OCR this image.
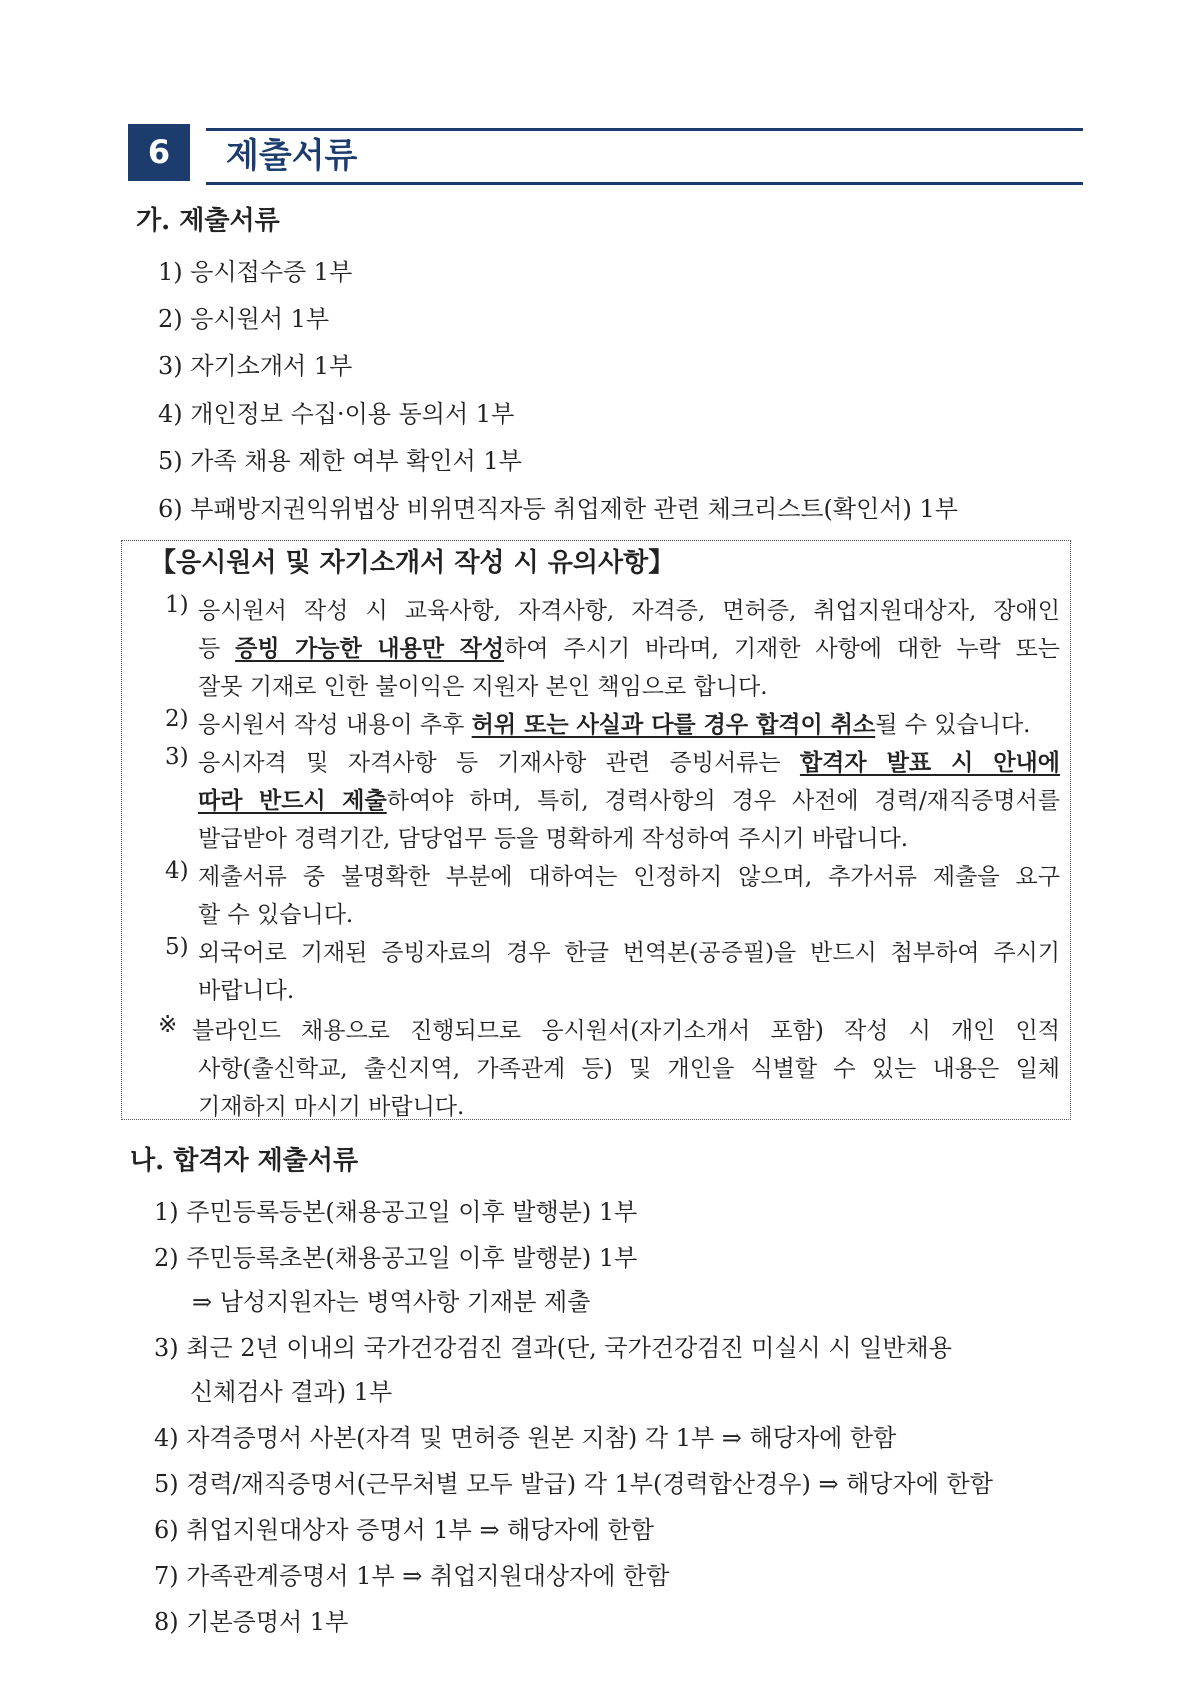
6	제출서류
가. 제출서류
1) 응시접수증 1부
2) 응시원서 1부
3) 자기소개서 1부
4) 개인정보 수집·이용 동의서 1부
5) 가족 채용 제한 여부 확인서 1부
6) 부패방지권익위법상 비위면직자등 취업제한 관련 체크리스트(확인서) 1부
【응시원서 및 자기소개서 작성 시 유의사항】
1) 응시원서 작성 시 교육사항, 자격사항, 자격증, 면허증, 취업지원대상자, 장애인
등 증빙 가능한 내용만 작성하여 주시기 바라며, 기재한 사항에 대한 누락 또는
잘못 기재로 인한 불이익은 지원자 본인 책임으로 합니다.
2) 응시원서 작성 내용이 추후 허위 또는 사실과 다를 경우 합격이 취소될 수 있습니다.
3) 응시자격 및 자격사항 등 기재사항 관련 증빙서류는 합격자 발표 시 안내에
따라 반드시 제출하여야 하며, 특히, 경력사항의 경우 사전에 경력/재직증명서를
발급받아 경력기간, 담당업무 등을 명확하게 작성하여 주시기 바랍니다.
4) 제출서류 중 불명확한 부분에 대하여는 인정하지 않으며, 추가서류 제출을 요구
할 수 있습니다.
5) 외국어로 기재된 증빙자료의 경우 한글 번역본(공증필)을 반드시 첨부하여 주시기
바랍니다.
※ 블라인드 채용으로 진행되므로 응시원서(자기소개서 포함) 작성 시 개인 인적
사항(출신학교, 출신지역, 가족관계 등) 및 개인을 식별할 수 있는 내용은 일체
기재하지 마시기 바랍니다.
나. 합격자 제출서류
1) 주민등록등본(채용공고일 이후 발행분) 1부
2) 주민등록초본(채용공고일 이후 발행분) 1부
⇒ 남성지원자는 병역사항 기재분 제출
3) 최근 2년 이내의 국가건강검진 결과(단, 국가건강검진 미실시 시 일반채용
신체검사 결과) 1부
4) 자격증명서 사본(자격 및 면허증 원본 지참) 각 1부 ⇒ 해당자에 한함
5) 경력/재직증명서(근무처별 모두 발급) 각 1부(경력합산경우) ⇒ 해당자에 한함
6) 취업지원대상자 증명서 1부 ⇒ 해당자에 한함
7) 가족관계증명서 1부 ⇒ 취업지원대상자에 한함
8) 기본증명서 1부
